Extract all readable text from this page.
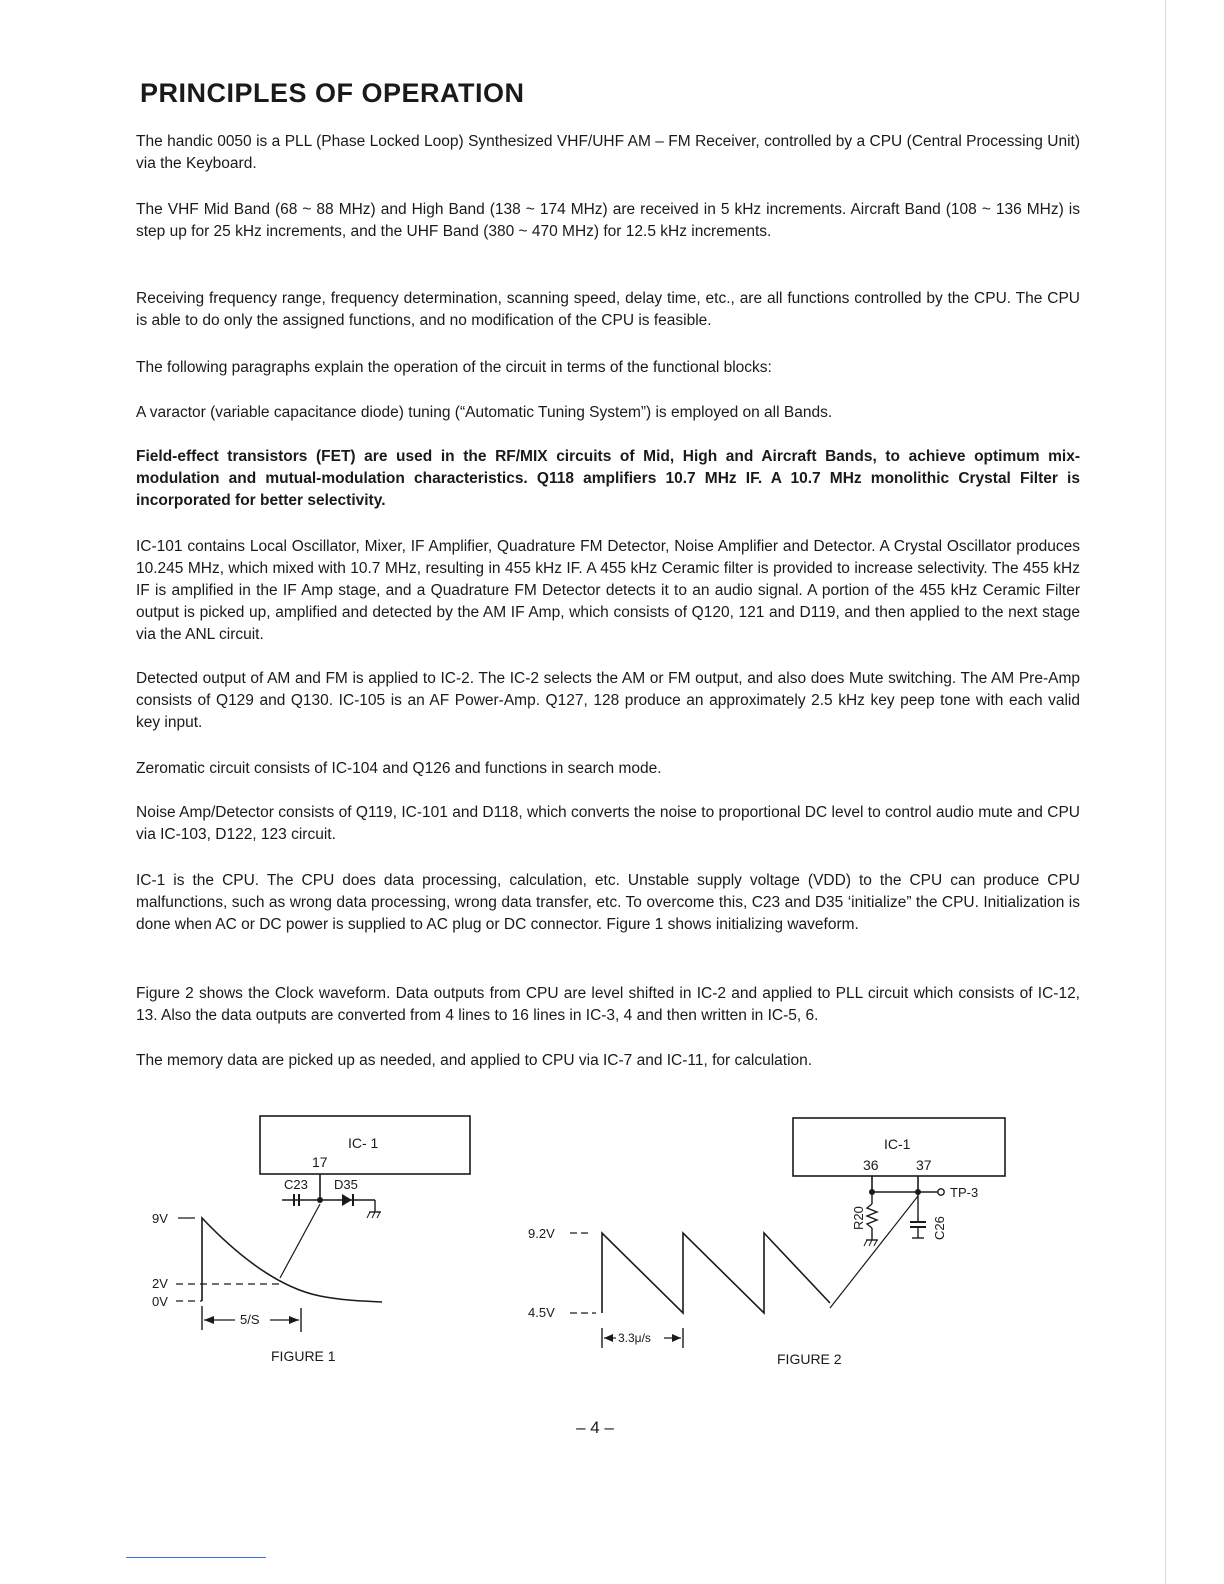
PRINCIPLES OF OPERATION

The handic 0050 is a PLL (Phase Locked Loop) Synthesized VHF/UHF AM – FM Receiver, controlled by a CPU (Central Processing Unit) via the Keyboard.

The VHF Mid Band (68 ~ 88 MHz) and High Band (138 ~ 174 MHz) are received in 5 kHz increments. Aircraft Band (108 ~ 136 MHz) is step up for 25 kHz increments, and the UHF Band (380 ~ 470 MHz) for 12.5 kHz increments.

Receiving frequency range, frequency determination, scanning speed, delay time, etc., are all functions controlled by the CPU. The CPU is able to do only the assigned functions, and no modification of the CPU is feasible.

The following paragraphs explain the operation of the circuit in terms of the functional blocks:

A varactor (variable capacitance diode) tuning (“Automatic Tuning System”) is employed on all Bands.

Field-effect transistors (FET) are used in the RF/MIX circuits of Mid, High and Aircraft Bands, to achieve optimum mix-modulation and mutual-modulation characteristics. Q118 amplifiers 10.7 MHz IF. A 10.7 MHz monolithic Crystal Filter is incorporated for better selectivity.

IC-101 contains Local Oscillator, Mixer, IF Amplifier, Quadrature FM Detector, Noise Amplifier and Detector. A Crystal Oscillator produces 10.245 MHz, which mixed with 10.7 MHz, resulting in 455 kHz IF. A 455 kHz Ceramic filter is provided to increase selectivity. The 455 kHz IF is amplified in the IF Amp stage, and a Quadrature FM Detector detects it to an audio signal. A portion of the 455 kHz Ceramic Filter output is picked up, amplified and detected by the AM IF Amp, which consists of Q120, 121 and D119, and then applied to the next stage via the ANL circuit.

Detected output of AM and FM is applied to IC-2. The IC-2 selects the AM or FM output, and also does Mute switching. The AM Pre-Amp consists of Q129 and Q130. IC-105 is an AF Power-Amp. Q127, 128 produce an approximately 2.5 kHz key peep tone with each valid key input.

Zeromatic circuit consists of IC-104 and Q126 and functions in search mode.

Noise Amp/Detector consists of Q119, IC-101 and D118, which converts the noise to proportional DC level to control audio mute and CPU via IC-103, D122, 123 circuit.

IC-1 is the CPU. The CPU does data processing, calculation, etc. Unstable supply voltage (VDD) to the CPU can produce CPU malfunctions, such as wrong data processing, wrong data transfer, etc. To overcome this, C23 and D35 ‘initialize” the CPU. Initialization is done when AC or DC power is supplied to AC plug or DC connector. Figure 1 shows initializing waveform.

Figure 2 shows the Clock waveform. Data outputs from CPU are level shifted in IC-2 and applied to PLL circuit which consists of IC-12, 13. Also the data outputs are converted from 4 lines to 16 lines in IC-3, 4 and then written in IC-5, 6.

The memory data are picked up as needed, and applied to CPU via IC-7 and IC-11, for calculation.

IC- 1
17
C23 D35
9V
2V
0V
5/S
FIGURE 1
IC-1
36	37
TP-3
R20	C26
9.2V
4.5V
3.3μ/s
FIGURE 2
– 4 –
